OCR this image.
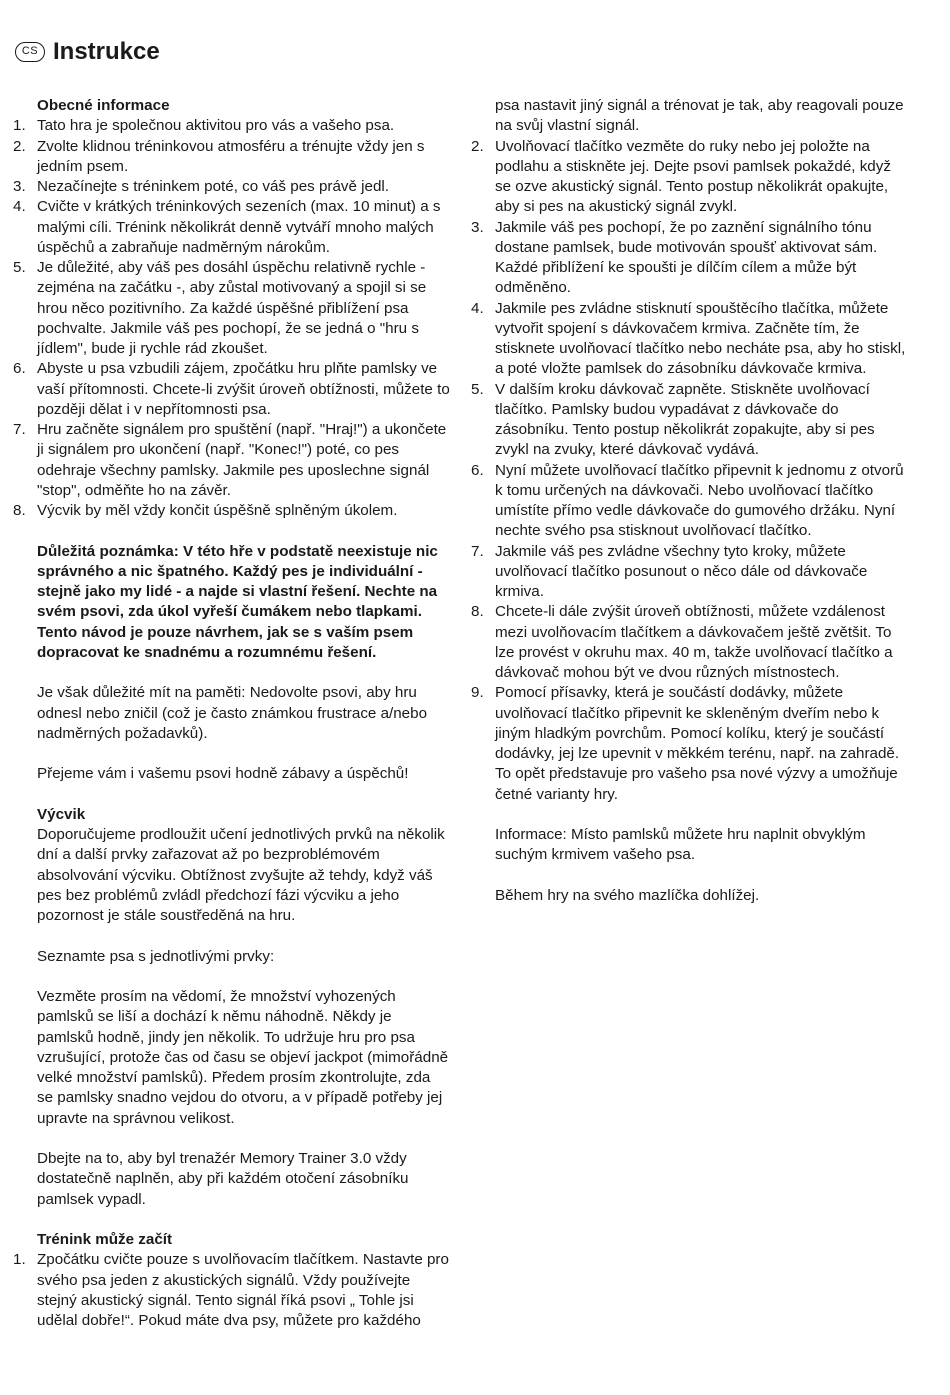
CS Instrukce

Obecné informace

1. Tato hra je společnou aktivitou pro vás a vašeho psa.
2. Zvolte klidnou tréninkovou atmosféru a trénujte vždy jen s jedním psem.
3. Nezačínejte s tréninkem poté, co váš pes právě jedl.
4. Cvičte v krátkých tréninkových sezeních (max. 10 minut) a s malými cíli. Trénink několikrát denně vytváří mnoho malých úspěchů a zabraňuje nadměrným nárokům.
5. Je důležité, aby váš pes dosáhl úspěchu relativně rychle - zejména na začátku -, aby zůstal motivovaný a spojil si se hrou něco pozitivního. Za každé úspěšné přiblížení psa pochvalte. Jakmile váš pes pochopí, že se jedná o "hru s jídlem", bude ji rychle rád zkoušet.
6. Abyste u psa vzbudili zájem, zpočátku hru plňte pamlsky ve vaší přítomnosti. Chcete-li zvýšit úroveň obtížnosti, můžete to později dělat i v nepřítomnosti psa.
7. Hru začněte signálem pro spuštění (např. "Hraj!") a ukončete ji signálem pro ukončení (např. "Konec!") poté, co pes odehraje všechny pamlsky. Jakmile pes uposlechne signál "stop", odměňte ho na závěr.
8. Výcvik by měl vždy končit úspěšně splněným úkolem.

Důležitá poznámka: V této hře v podstatě neexistuje nic správného a nic špatného. Každý pes je individuální - stejně jako my lidé - a najde si vlastní řešení. Nechte na svém psovi, zda úkol vyřeší čumákem nebo tlapkami. Tento návod je pouze návrhem, jak se s vaším psem dopracovat ke snadnému a rozumnému řešení.

Je však důležité mít na paměti: Nedovolte psovi, aby hru odnesl nebo zničil (což je často známkou frustrace a/nebo nadměrných požadavků).

Přejeme vám i vašemu psovi hodně zábavy a úspěchů!

Výcvik

Doporučujeme prodloužit učení jednotlivých prvků na několik dní a další prvky zařazovat až po bezproblémovém absolvování výcviku. Obtížnost zvyšujte až tehdy, když váš pes bez problémů zvládl předchozí fázi výcviku a jeho pozornost je stále soustředěná na hru.

Seznamte psa s jednotlivými prvky:

Vezměte prosím na vědomí, že množství vyhozených pamlsků se liší a dochází k němu náhodně. Někdy je pamlsků hodně, jindy jen několik. To udržuje hru pro psa vzrušující, protože čas od času se objeví jackpot (mimořádně velké množství pamlsků). Předem prosím zkontrolujte, zda se pamlsky snadno vejdou do otvoru, a v případě potřeby jej upravte na správnou velikost.

Dbejte na to, aby byl trenažér Memory Trainer 3.0 vždy dostatečně naplněn, aby při každém otočení zásobníku pamlsek vypadl.

Trénink může začít

1. Zpočátku cvičte pouze s uvolňovacím tlačítkem. Nastavte pro svého psa jeden z akustických signálů. Vždy používejte stejný akustický signál. Tento signál říká psovi „ Tohle jsi udělal dobře!“. Pokud máte dva psy, můžete pro každého

psa nastavit jiný signál a trénovat je tak, aby reagovali pouze na svůj vlastní signál.

2. Uvolňovací tlačítko vezměte do ruky nebo jej položte na podlahu a stiskněte jej. Dejte psovi pamlsek pokaždé, když se ozve akustický signál. Tento postup několikrát opakujte, aby si pes na akustický signál zvykl.
3. Jakmile váš pes pochopí, že po zaznění signálního tónu dostane pamlsek, bude motivován spoušť aktivovat sám. Každé přiblížení ke spoušti je dílčím cílem a může být odměněno.
4. Jakmile pes zvládne stisknutí spouštěcího tlačítka, můžete vytvořit spojení s dávkovačem krmiva. Začněte tím, že stisknete uvolňovací tlačítko nebo necháte psa, aby ho stiskl, a poté vložte pamlsek do zásobníku dávkovače krmiva.
5. V dalším kroku dávkovač zapněte. Stiskněte uvolňovací tlačítko. Pamlsky budou vypadávat z dávkovače do zásobníku. Tento postup několikrát zopakujte, aby si pes zvykl na zvuky, které dávkovač vydává.
6. Nyní můžete uvolňovací tlačítko připevnit k jednomu z otvorů k tomu určených na dávkovači. Nebo uvolňovací tlačítko umístíte přímo vedle dávkovače do gumového držáku. Nyní nechte svého psa stisknout uvolňovací tlačítko.
7. Jakmile váš pes zvládne všechny tyto kroky, můžete uvolňovací tlačítko posunout o něco dále od dávkovače krmiva.
8. Chcete-li dále zvýšit úroveň obtížnosti, můžete vzdálenost mezi uvolňovacím tlačítkem a dávkovačem ještě zvětšit. To lze provést v okruhu max. 40 m, takže uvolňovací tlačítko a dávkovač mohou být ve dvou různých místnostech.
9. Pomocí přísavky, která je součástí dodávky, můžete uvolňovací tlačítko připevnit ke skleněným dveřím nebo k jiným hladkým povrchům. Pomocí kolíku, který je součástí dodávky, jej lze upevnit v měkkém terénu, např. na zahradě. To opět představuje pro vašeho psa nové výzvy a umožňuje četné varianty hry.

Informace: Místo pamlsků můžete hru naplnit obvyklým suchým krmivem vašeho psa.

Během hry na svého mazlíčka dohlížej.
